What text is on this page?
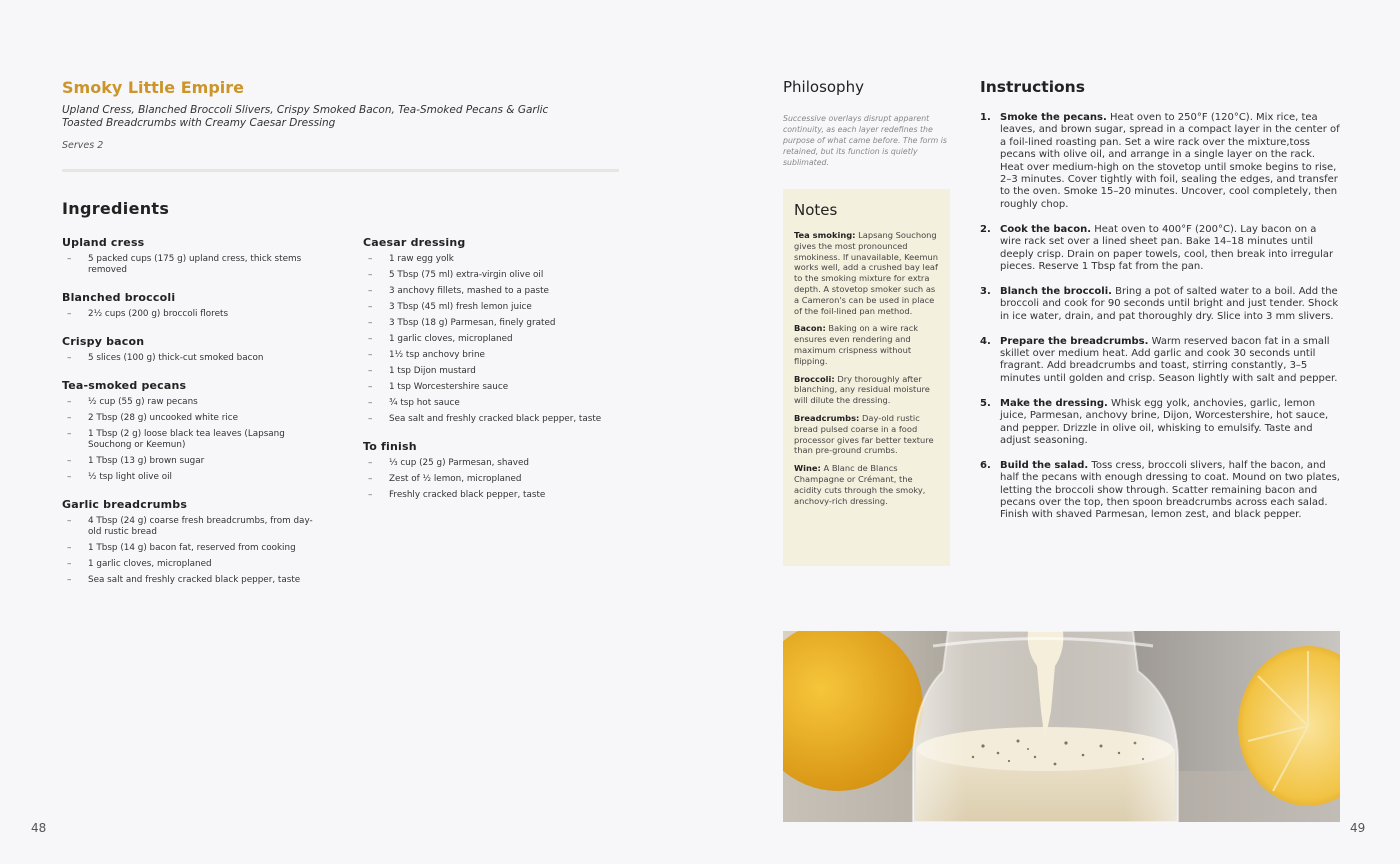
Smoky Little Empire

Upland Cress, Blanched Broccoli Slivers, Crispy Smoked Bacon, Tea-Smoked Pecans & Garlic Toasted Breadcrumbs with Creamy Caesar Dressing

Serves 2

Ingredients
Upland cress
– 5 packed cups (175 g) upland cress, thick stems removed
Blanched broccoli
– 2½ cups (200 g) broccoli florets
Crispy bacon
– 5 slices (100 g) thick-cut smoked bacon
Tea-smoked pecans
– ½ cup (55 g) raw pecans
– 2 Tbsp (28 g) uncooked white rice
– 1 Tbsp (2 g) loose black tea leaves (Lapsang Souchong or Keemun)
– 1 Tbsp (13 g) brown sugar
– ½ tsp light olive oil
Garlic breadcrumbs
– 4 Tbsp (24 g) coarse fresh breadcrumbs, from day-old rustic bread
– 1 Tbsp (14 g) bacon fat, reserved from cooking
– 1 garlic cloves, microplaned
– Sea salt and freshly cracked black pepper, taste
Caesar dressing
– 1 raw egg yolk
– 5 Tbsp (75 ml) extra-virgin olive oil
– 3 anchovy fillets, mashed to a paste
– 3 Tbsp (45 ml) fresh lemon juice
– 3 Tbsp (18 g) Parmesan, finely grated
– 1 garlic cloves, microplaned
– 1½ tsp anchovy brine
– 1 tsp Dijon mustard
– 1 tsp Worcestershire sauce
– ¾ tsp hot sauce
– Sea salt and freshly cracked black pepper, taste
To finish
– ⅓ cup (25 g) Parmesan, shaved
– Zest of ½ lemon, microplaned
– Freshly cracked black pepper, taste
Philosophy

Successive overlays disrupt apparent continuity, as each layer redefines the purpose of what came before. The form is retained, but its function is quietly sublimated.

Notes

Tea smoking: Lapsang Souchong gives the most pronounced smokiness. If unavailable, Keemun works well, add a crushed bay leaf to the smoking mixture for extra depth. A stovetop smoker such as a Cameron's can be used in place of the foil-lined pan method.

Bacon: Baking on a wire rack ensures even rendering and maximum crispness without flipping.

Broccoli: Dry thoroughly after blanching, any residual moisture will dilute the dressing.

Breadcrumbs: Day-old rustic bread pulsed coarse in a food processor gives far better texture than pre-ground crumbs.

Wine: A Blanc de Blancs Champagne or Crémant, the acidity cuts through the smoky, anchovy-rich dressing.

Instructions
1. Smoke the pecans. Heat oven to 250°F (120°C). Mix rice, tea leaves, and brown sugar, spread in a compact layer in the center of a foil-lined roasting pan. Set a wire rack over the mixture,toss pecans with olive oil, and arrange in a single layer on the rack. Heat over medium-high on the stovetop until smoke begins to rise, 2–3 minutes. Cover tightly with foil, sealing the edges, and transfer to the oven. Smoke 15–20 minutes. Uncover, cool completely, then roughly chop.
2. Cook the bacon. Heat oven to 400°F (200°C). Lay bacon on a wire rack set over a lined sheet pan. Bake 14–18 minutes until deeply crisp. Drain on paper towels, cool, then break into irregular pieces. Reserve 1 Tbsp fat from the pan.
3. Blanch the broccoli. Bring a pot of salted water to a boil. Add the broccoli and cook for 90 seconds until bright and just tender. Shock in ice water, drain, and pat thoroughly dry. Slice into 3 mm slivers.
4. Prepare the breadcrumbs. Warm reserved bacon fat in a small skillet over medium heat. Add garlic and cook 30 seconds until fragrant. Add breadcrumbs and toast, stirring constantly, 3–5 minutes until golden and crisp. Season lightly with salt and pepper.
5. Make the dressing. Whisk egg yolk, anchovies, garlic, lemon juice, Parmesan, anchovy brine, Dijon, Worcestershire, hot sauce, and pepper. Drizzle in olive oil, whisking to emulsify. Taste and adjust seasoning.
6. Build the salad. Toss cress, broccoli slivers, half the bacon, and half the pecans with enough dressing to coat. Mound on two plates, letting the broccoli show through. Scatter remaining bacon and pecans over the top, then spoon breadcrumbs across each salad. Finish with shaved Parmesan, lemon zest, and black pepper.
48	49
